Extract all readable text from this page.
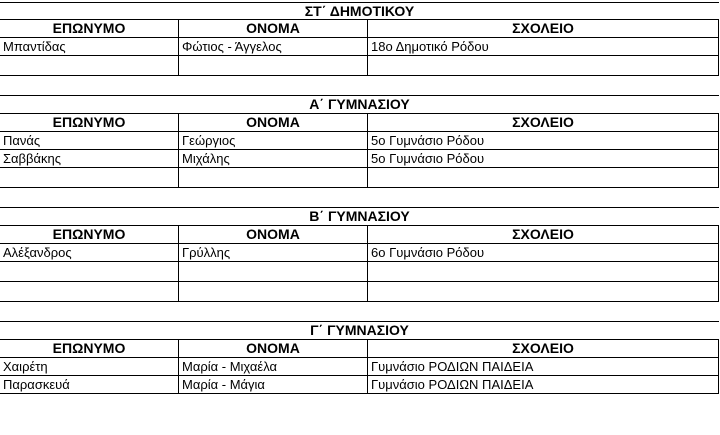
ΣΤ΄ ΔΗΜΟΤΙΚΟΥ
ΕΠΩΝΥΜΟ	ΟΝΟΜΑ	ΣΧΟΛΕΙΟ
Μπαντίδας	Φώτιος - Άγγελος	18ο Δημοτικό Ρόδου
Α΄ ΓΥΜΝΑΣΙΟΥ
ΕΠΩΝΥΜΟ	ΟΝΟΜΑ	ΣΧΟΛΕΙΟ
Πανάς	Γεώργιος	5ο Γυμνάσιο Ρόδου
Σαββάκης	Μιχάλης	5ο Γυμνάσιο Ρόδου
Β΄ ΓΥΜΝΑΣΙΟΥ
ΕΠΩΝΥΜΟ	ΟΝΟΜΑ	ΣΧΟΛΕΙΟ
Αλέξανδρος	Γρύλλης	6ο Γυμνάσιο Ρόδου
Γ΄ ΓΥΜΝΑΣΙΟΥ
ΕΠΩΝΥΜΟ	ΟΝΟΜΑ	ΣΧΟΛΕΙΟ
Χαιρέτη	Μαρία - Μιχαέλα	Γυμνάσιο ΡΟΔΙΩΝ ΠΑΙΔΕΙΑ
Παρασκευά	Μαρία - Μάγια	Γυμνάσιο ΡΟΔΙΩΝ ΠΑΙΔΕΙΑ
